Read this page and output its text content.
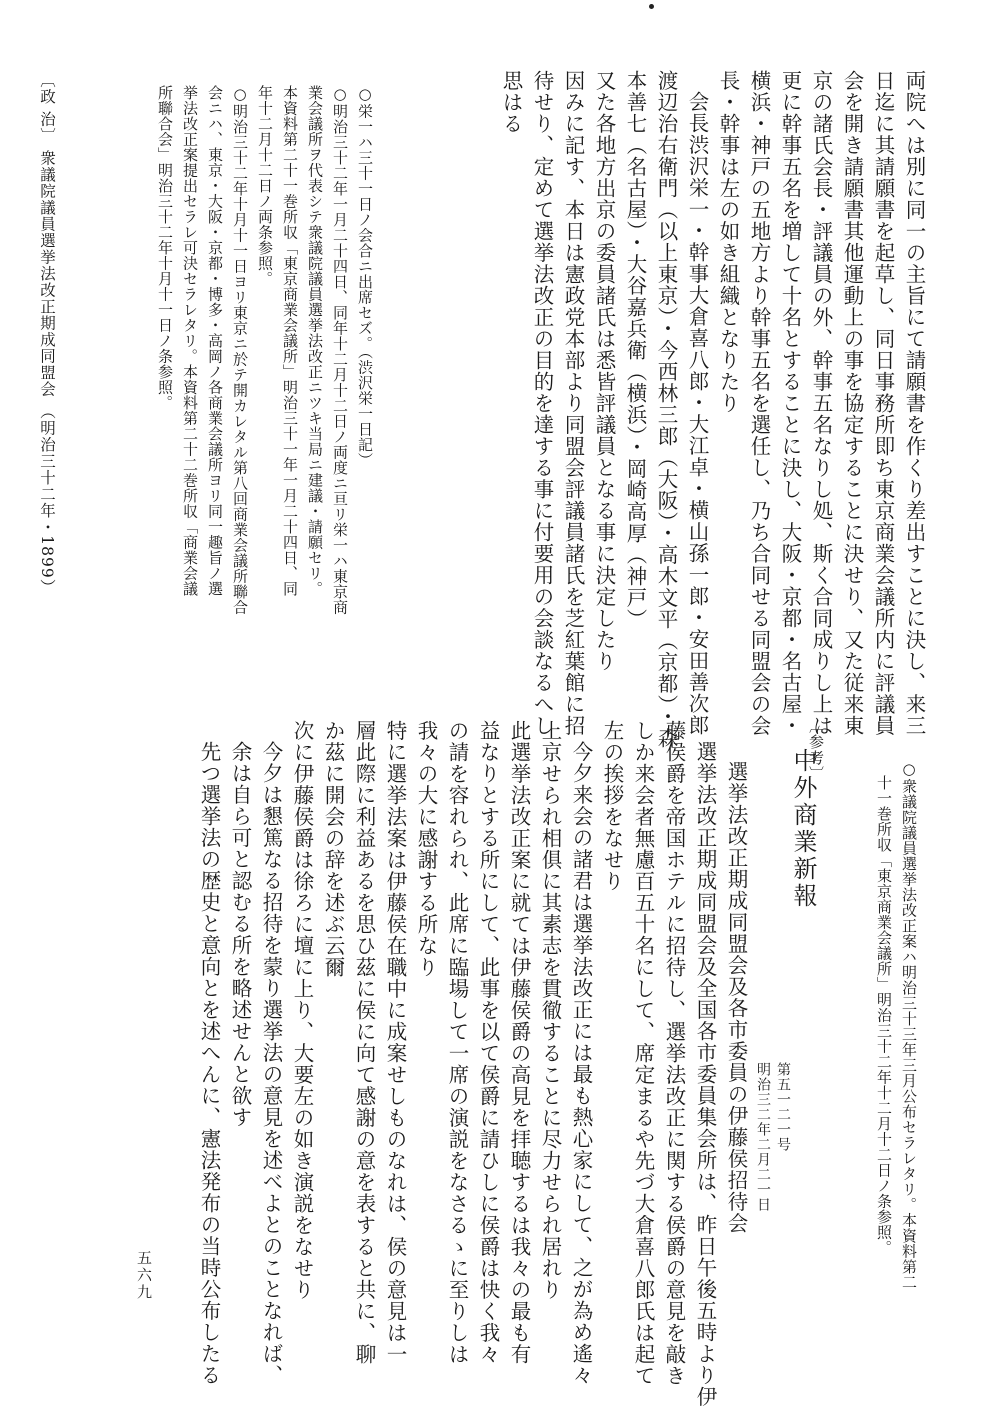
両院へは別に同一の主旨にて請願書を作くり差出すことに決し、来三
日迄に其請願書を起草し、同日事務所即ち東京商業会議所内に評議員
会を開き請願書其他運動上の事を協定することに決せり、又た従来東
京の諸氏会長・評議員の外、幹事五名なりし処、斯く合同成りし上は
更に幹事五名を増して十名とすることに決し、大阪・京都・名古屋・
横浜・神戸の五地方より幹事五名を選任し、乃ち合同せる同盟会の会
長・幹事は左の如き組織となりたり
会長渋沢栄一・幹事大倉喜八郎・大江卓・横山孫一郎・安田善次郎
渡辺治右衛門（以上東京）・今西林三郎（大阪）・高木文平（京都）・森
本善七（名古屋）・大谷嘉兵衛（横浜）・岡崎高厚（神戸）
又た各地方出京の委員諸氏は悉皆評議員となる事に決定したり
因みに記す、本日は憲政党本部より同盟会評議員諸氏を芝紅葉館に招
待せり、定めて選挙法改正の目的を達する事に付要用の会談なるへし
思はる
○栄一ハ三十一日ノ会合ニ出席セズ。（渋沢栄一日記）
○明治三十二年一月二十四日、同年十二月十二日ノ両度ニ亘リ栄一ハ東京商
業会議所ヲ代表シテ衆議院議員選挙法改正ニツキ当局ニ建議・請願セリ。
本資料第二十一巻所収「東京商業会議所」明治三十一年一月二十四日、同
年十二月十二日ノ両条参照。
○明治三十二年十月十一日ヨリ東京ニ於テ開カレタル第八回商業会議所聯合
会ニハ、東京・大阪・京都・博多・高岡ノ各商業会議所ヨリ同一趣旨ノ選
挙法改正案提出セラレ可決セラレタリ。本資料第二十二巻所収「商業会議
所聯合会」明治三十二年十月十一日ノ条参照。
〔政 治〕 衆議院議員選挙法改正期成同盟会 （明治三十二年・1899）
○衆議院議員選挙法改正案ハ明治三十三年三月公布セラレタリ。本資料第二
十一巻所収「東京商業会議所」明治三十二年十二月十二日ノ条参照。
〔参考〕
中外商業新報
第五一二一号
明治三二年二月二一日
選挙法改正期成同盟会及各市委員の伊藤侯招待会
選挙法改正期成同盟会及全国各市委員集会所は、昨日午後五時より伊
藤侯爵を帝国ホテルに招待し、選挙法改正に関する侯爵の意見を敲き
しか来会者無慮百五十名にして、席定まるや先づ大倉喜八郎氏は起て
左の挨拶をなせり
今夕来会の諸君は選挙法改正には最も熱心家にして、之が為め遙々
上京せられ相俱に其素志を貫徹することに尽力せられ居れり
此選挙法改正案に就ては伊藤侯爵の高見を拝聴するは我々の最も有
益なりとする所にして、此事を以て侯爵に請ひしに侯爵は快く我々
の請を容れられ、此席に臨場して一席の演説をなさるゝに至りしは
我々の大に感謝する所なり
特に選挙法案は伊藤侯在職中に成案せしものなれは、侯の意見は一
層此際に利益あるを思ひ茲に侯に向て感謝の意を表すると共に、聊
か茲に開会の辞を述ぶ云爾
次に伊藤侯爵は徐ろに壇に上り、大要左の如き演説をなせり
今夕は懇篤なる招待を蒙り選挙法の意見を述べよとのことなれば、
余は自ら可と認むる所を略述せんと欲す
先つ選挙法の歴史と意向とを述へんに、憲法発布の当時公布したる
五六九
